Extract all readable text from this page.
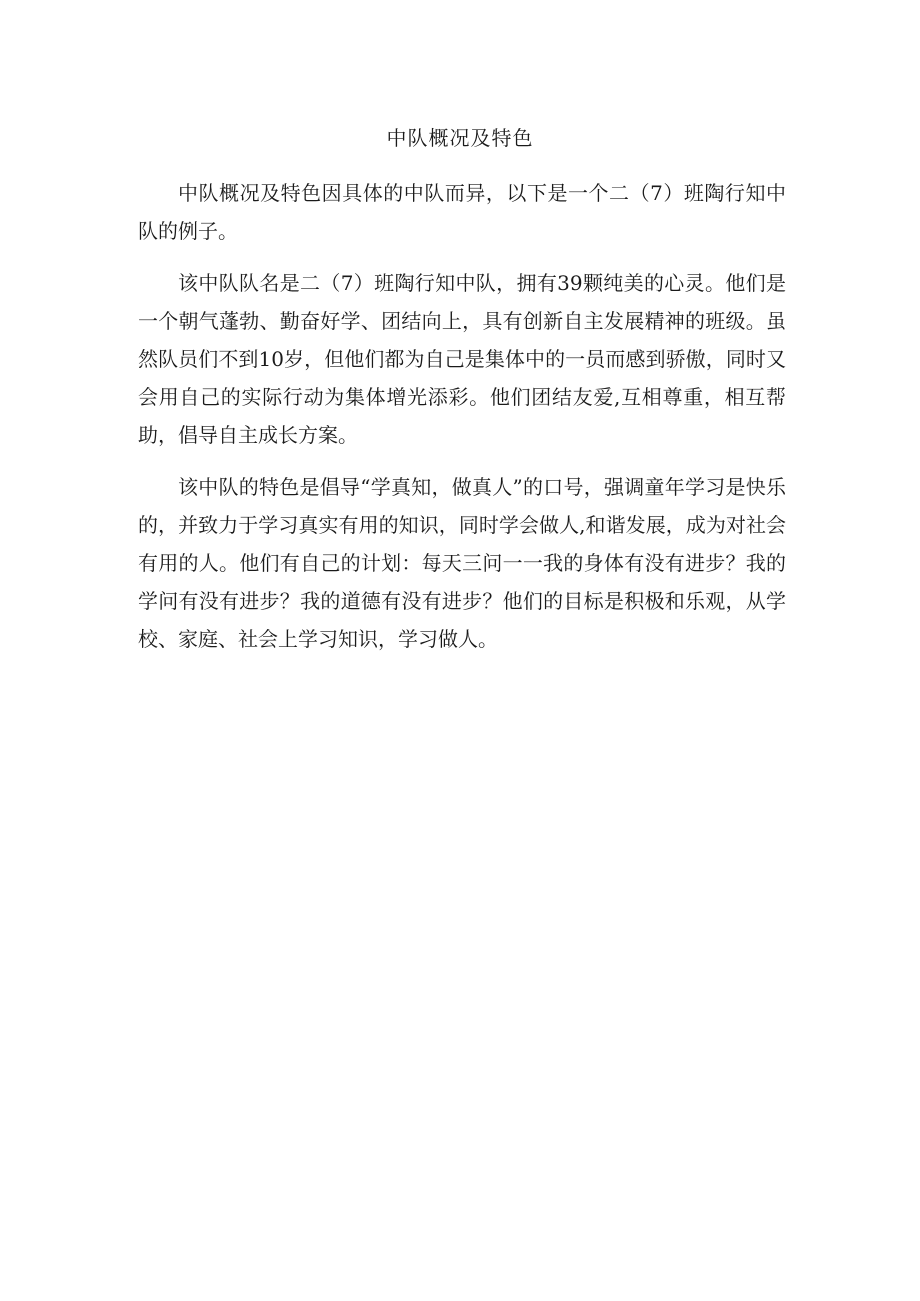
中队概况及特色

中队概况及特色因具体的中队而异，以下是一个二（7）班陶行知中队的例子。

该中队队名是二（7）班陶行知中队，拥有39颗纯美的心灵。他们是一个朝气蓬勃、勤奋好学、团结向上，具有创新自主发展精神的班级。虽然队员们不到10岁，但他们都为自己是集体中的一员而感到骄傲，同时又会用自己的实际行动为集体增光添彩。他们团结友爱,互相尊重，相互帮助，倡导自主成长方案。

该中队的特色是倡导“学真知，做真人”的口号，强调童年学习是快乐的，并致力于学习真实有用的知识，同时学会做人,和谐发展，成为对社会有用的人。他们有自己的计划：每天三问一一我的身体有没有进步？我的学问有没有进步？我的道德有没有进步？他们的目标是积极和乐观，从学校、家庭、社会上学习知识，学习做人。
